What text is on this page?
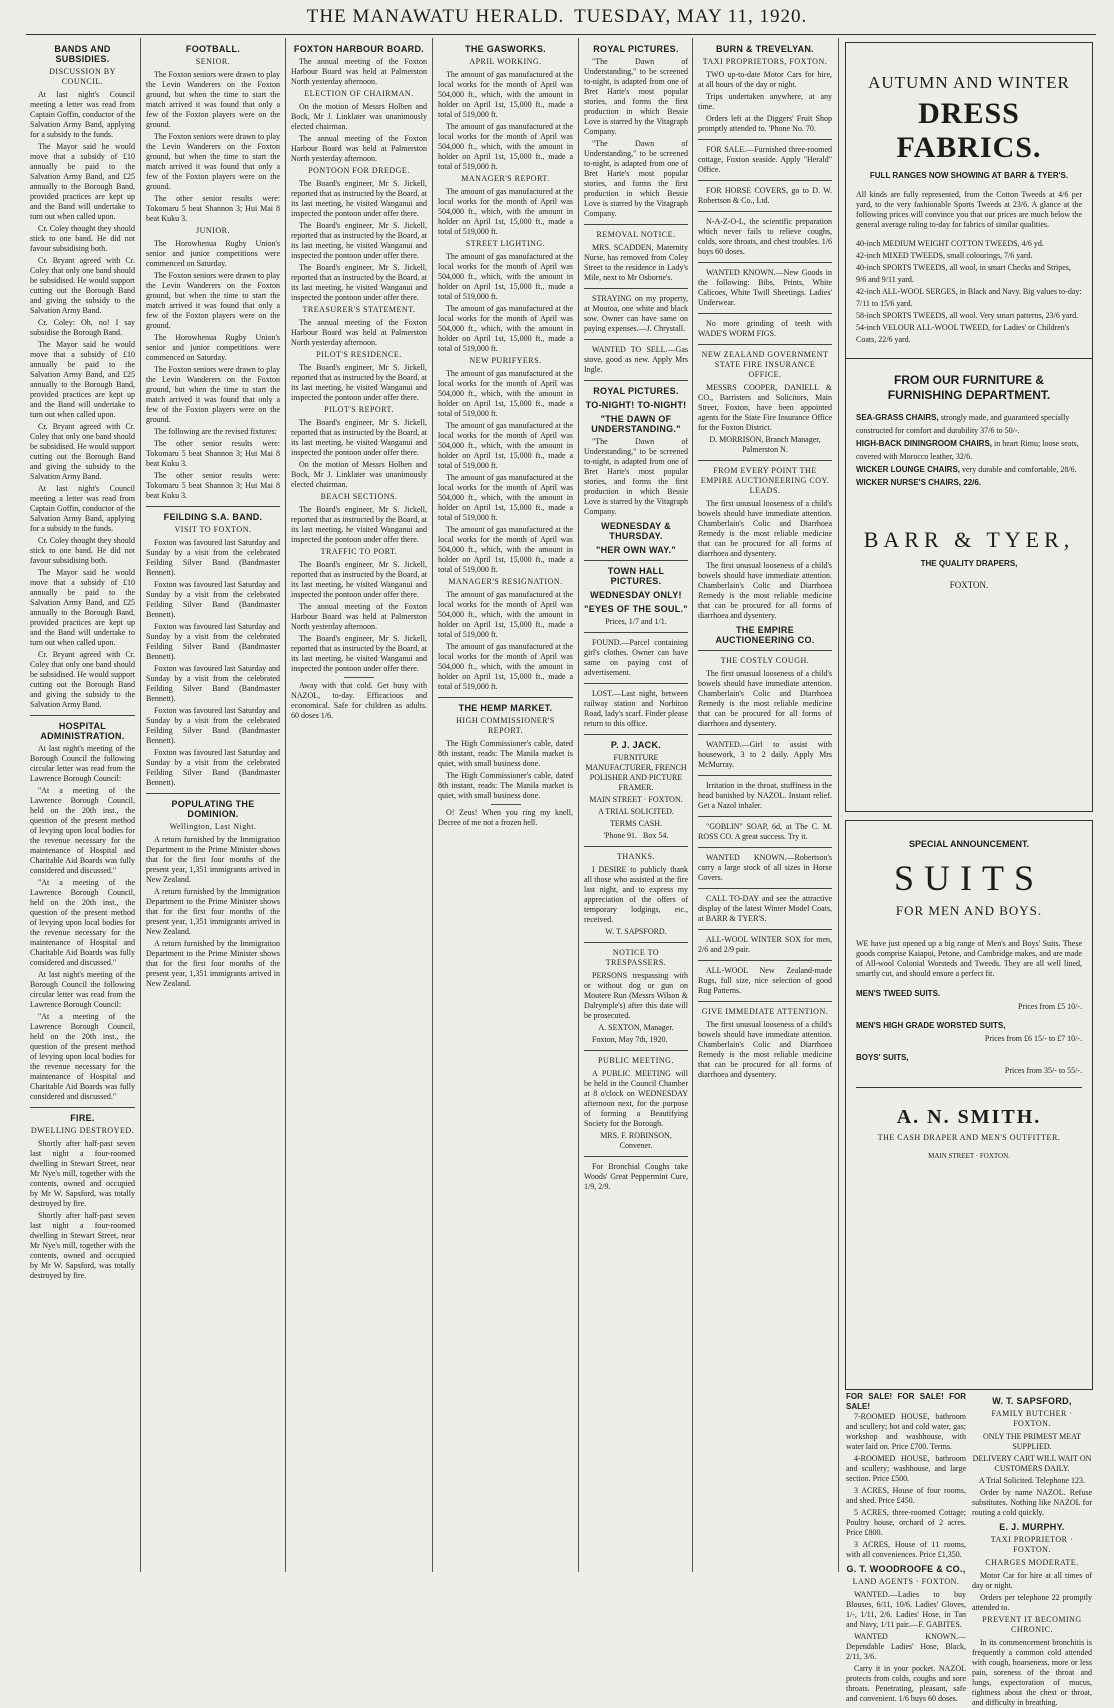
THE MANAWATU HERALD. TUESDAY, MAY 11, 1920.
BANDS AND SUBSIDIES.
DISCUSSION BY COUNCIL.

At last night's Council meeting a letter was read from Captain Goffin, conductor of the Salvation Army Band, applying for a subsidy to the funds.

The Mayor said he would move that a subsidy of £10 annually be paid to the Salvation Army Band, and £25 annually to the Borough Band, provided practices are kept up and the Band will undertake to turn out when called upon.

Cr. Coley thought they should stick to one band. He did not favour subsidising both.

Cr. Bryant agreed with Cr. Coley that only one band should be subsidised. He would support cutting out the Borough Band and giving the subsidy to the Salvation Army Band.

Cr. Coley: Oh, no! I say subsidise the Borough Band.

The Mayor said he would move that a subsidy of £10 annually be paid to the Salvation Army Band, and £25 annually to the Borough Band, provided practices are kept up and the Band will undertake to turn out when called upon.

Cr. Bryant agreed with Cr. Coley that only one band should be subsidised. He would support cutting out the Borough Band and giving the subsidy to the Salvation Army Band.

At last night's Council meeting a letter was read from Captain Goffin, conductor of the Salvation Army Band, applying for a subsidy to the funds.

Cr. Coley thought they should stick to one band. He did not favour subsidising both.

The Mayor said he would move that a subsidy of £10 annually be paid to the Salvation Army Band, and £25 annually to the Borough Band, provided practices are kept up and the Band will undertake to turn out when called upon.

Cr. Bryant agreed with Cr. Coley that only one band should be subsidised. He would support cutting out the Borough Band and giving the subsidy to the Salvation Army Band.

HOSPITAL ADMINISTRATION.

At last night's meeting of the Borough Council the following circular letter was read from the Lawrence Borough Council:

"At a meeting of the Lawrence Borough Council, held on the 20th inst., the question of the present method of levying upon local bodies for the revenue necessary for the maintenance of Hospital and Charitable Aid Boards was fully considered and discussed."

"At a meeting of the Lawrence Borough Council, held on the 20th inst., the question of the present method of levying upon local bodies for the revenue necessary for the maintenance of Hospital and Charitable Aid Boards was fully considered and discussed."

At last night's meeting of the Borough Council the following circular letter was read from the Lawrence Borough Council:

"At a meeting of the Lawrence Borough Council, held on the 20th inst., the question of the present method of levying upon local bodies for the revenue necessary for the maintenance of Hospital and Charitable Aid Boards was fully considered and discussed."

FIRE.
DWELLING DESTROYED.

Shortly after half-past seven last night a four-roomed dwelling in Stewart Street, near Mr Nye's mill, together with the contents, owned and occupied by Mr W. Sapsford, was totally destroyed by fire.

Shortly after half-past seven last night a four-roomed dwelling in Stewart Street, near Mr Nye's mill, together with the contents, owned and occupied by Mr W. Sapsford, was totally destroyed by fire.

FOOTBALL.
SENIOR.

The Foxton seniors were drawn to play the Levin Wanderers on the Foxton ground, but when the time to start the match arrived it was found that only a few of the Foxton players were on the ground.

The Foxton seniors were drawn to play the Levin Wanderers on the Foxton ground, but when the time to start the match arrived it was found that only a few of the Foxton players were on the ground.

The other senior results were: Tokomaru 5 beat Shannon 3; Hui Mai 8 beat Kuku 3.

JUNIOR.

The Horowhenua Rugby Union's senior and junior competitions were commenced on Saturday.

The Foxton seniors were drawn to play the Levin Wanderers on the Foxton ground, but when the time to start the match arrived it was found that only a few of the Foxton players were on the ground.

The Horowhenua Rugby Union's senior and junior competitions were commenced on Saturday.

The Foxton seniors were drawn to play the Levin Wanderers on the Foxton ground, but when the time to start the match arrived it was found that only a few of the Foxton players were on the ground.

The following are the revised fixtures:

The other senior results were: Tokomaru 5 beat Shannon 3; Hui Mai 8 beat Kuku 3.

The other senior results were: Tokomaru 5 beat Shannon 3; Hui Mai 8 beat Kuku 3.

FEILDING S.A. BAND.
VISIT TO FOXTON.

Foxton was favoured last Saturday and Sunday by a visit from the celebrated Feilding Silver Band (Bandmaster Bennett).

Foxton was favoured last Saturday and Sunday by a visit from the celebrated Feilding Silver Band (Bandmaster Bennett).

Foxton was favoured last Saturday and Sunday by a visit from the celebrated Feilding Silver Band (Bandmaster Bennett).

Foxton was favoured last Saturday and Sunday by a visit from the celebrated Feilding Silver Band (Bandmaster Bennett).

Foxton was favoured last Saturday and Sunday by a visit from the celebrated Feilding Silver Band (Bandmaster Bennett).

Foxton was favoured last Saturday and Sunday by a visit from the celebrated Feilding Silver Band (Bandmaster Bennett).

POPULATING THE DOMINION.
Wellington, Last Night.

A return furnished by the Immigration Department to the Prime Minister shows that for the first four months of the present year, 1,351 immigrants arrived in New Zealand.

A return furnished by the Immigration Department to the Prime Minister shows that for the first four months of the present year, 1,351 immigrants arrived in New Zealand.

A return furnished by the Immigration Department to the Prime Minister shows that for the first four months of the present year, 1,351 immigrants arrived in New Zealand.

FOXTON HARBOUR BOARD.

The annual meeting of the Foxton Harbour Board was held at Palmerston North yesterday afternoon.

ELECTION OF CHAIRMAN.

On the motion of Messrs Holben and Bock, Mr J. Linklater was unanimously elected chairman.

The annual meeting of the Foxton Harbour Board was held at Palmerston North yesterday afternoon.

PONTOON FOR DREDGE.

The Board's engineer, Mr S. Jickell, reported that as instructed by the Board, at its last meeting, he visited Wanganui and inspected the pontoon under offer there.

The Board's engineer, Mr S. Jickell, reported that as instructed by the Board, at its last meeting, he visited Wanganui and inspected the pontoon under offer there.

The Board's engineer, Mr S. Jickell, reported that as instructed by the Board, at its last meeting, he visited Wanganui and inspected the pontoon under offer there.

TREASURER'S STATEMENT.

The annual meeting of the Foxton Harbour Board was held at Palmerston North yesterday afternoon.

PILOT'S RESIDENCE.

The Board's engineer, Mr S. Jickell, reported that as instructed by the Board, at its last meeting, he visited Wanganui and inspected the pontoon under offer there.

PILOT'S REPORT.

The Board's engineer, Mr S. Jickell, reported that as instructed by the Board, at its last meeting, he visited Wanganui and inspected the pontoon under offer there.

On the motion of Messrs Holben and Bock, Mr J. Linklater was unanimously elected chairman.

BEACH SECTIONS.

The Board's engineer, Mr S. Jickell, reported that as instructed by the Board, at its last meeting, he visited Wanganui and inspected the pontoon under offer there.

TRAFFIC TO PORT.

The Board's engineer, Mr S. Jickell, reported that as instructed by the Board, at its last meeting, he visited Wanganui and inspected the pontoon under offer there.

The annual meeting of the Foxton Harbour Board was held at Palmerston North yesterday afternoon.

The Board's engineer, Mr S. Jickell, reported that as instructed by the Board, at its last meeting, he visited Wanganui and inspected the pontoon under offer there.

Away with that cold. Get busy with NAZOL, to-day. Efficacious and economical. Safe for children as adults. 60 doses 1/6.

THE GASWORKS.
APRIL WORKING.

The amount of gas manufactured at the local works for the month of April was 504,000 ft., which, with the amount in holder on April 1st, 15,000 ft., made a total of 519,000 ft.

The amount of gas manufactured at the local works for the month of April was 504,000 ft., which, with the amount in holder on April 1st, 15,000 ft., made a total of 519,000 ft.

MANAGER'S REPORT.

The amount of gas manufactured at the local works for the month of April was 504,000 ft., which, with the amount in holder on April 1st, 15,000 ft., made a total of 519,000 ft.

STREET LIGHTING.

The amount of gas manufactured at the local works for the month of April was 504,000 ft., which, with the amount in holder on April 1st, 15,000 ft., made a total of 519,000 ft.

The amount of gas manufactured at the local works for the month of April was 504,000 ft., which, with the amount in holder on April 1st, 15,000 ft., made a total of 519,000 ft.

NEW PURIFYERS.

The amount of gas manufactured at the local works for the month of April was 504,000 ft., which, with the amount in holder on April 1st, 15,000 ft., made a total of 519,000 ft.

The amount of gas manufactured at the local works for the month of April was 504,000 ft., which, with the amount in holder on April 1st, 15,000 ft., made a total of 519,000 ft.

The amount of gas manufactured at the local works for the month of April was 504,000 ft., which, with the amount in holder on April 1st, 15,000 ft., made a total of 519,000 ft.

The amount of gas manufactured at the local works for the month of April was 504,000 ft., which, with the amount in holder on April 1st, 15,000 ft., made a total of 519,000 ft.

MANAGER'S RESIGNATION.

The amount of gas manufactured at the local works for the month of April was 504,000 ft., which, with the amount in holder on April 1st, 15,000 ft., made a total of 519,000 ft.

The amount of gas manufactured at the local works for the month of April was 504,000 ft., which, with the amount in holder on April 1st, 15,000 ft., made a total of 519,000 ft.

THE HEMP MARKET.
HIGH COMMISSIONER'S REPORT.

The High Commissioner's cable, dated 8th instant, reads: The Manila market is quiet, with small business done.

The High Commissioner's cable, dated 8th instant, reads: The Manila market is quiet, with small business done.

O! Zeus! When you ring my knell, Decree of me not a frozen hell.

ROYAL PICTURES.

"The Dawn of Understanding," to be screened to-night, is adapted from one of Bret Harte's most popular stories, and forms the first production in which Bessie Love is starred by the Vitagraph Company.

"The Dawn of Understanding," to be screened to-night, is adapted from one of Bret Harte's most popular stories, and forms the first production in which Bessie Love is starred by the Vitagraph Company.

REMOVAL NOTICE.

MRS. SCADDEN, Maternity Nurse, has removed from Coley Street to the residence in Lady's Mile, next to Mr Osborne's.

STRAYING on my property, at Moutoa, one white and black sow. Owner can have same on paying expenses.—J. Chrystall.

WANTED TO SELL.—Gas stove, good as new. Apply Mrs Ingle.

ROYAL PICTURES.
TO-NIGHT! TO-NIGHT!
"THE DAWN OF UNDERSTANDING."

"The Dawn of Understanding," to be screened to-night, is adapted from one of Bret Harte's most popular stories, and forms the first production in which Bessie Love is starred by the Vitagraph Company.

WEDNESDAY & THURSDAY.
"HER OWN WAY."
TOWN HALL PICTURES.
WEDNESDAY ONLY!
"EYES OF THE SOUL."

Prices, 1/7 and 1/1.

FOUND.—Parcel containing girl's clothes. Owner can have same on paying cost of advertisement.

LOST.—Last night, between railway station and Norbiton Road, lady's scarf. Finder please return to this office.

P. J. JACK.

FURNITURE MANUFACTURER, FRENCH POLISHER AND PICTURE FRAMER.

MAIN STREET · FOXTON.

A TRIAL SOLICITED.

TERMS CASH.

'Phone 91. Box 54.

THANKS.

I DESIRE to publicly thank all those who assisted at the fire last night, and to express my appreciation of the offers of temporary lodgings, etc., received.

W. T. SAPSFORD.

NOTICE TO TRESPASSERS.

PERSONS trespassing with or without dog or gun on Moutere Run (Messrs Wilson & Dalrymple's) after this date will be prosecuted.

A. SEXTON, Manager.

Foxton, May 7th, 1920.

PUBLIC MEETING.

A PUBLIC MEETING will be held in the Council Chamber at 8 o'clock on WEDNESDAY afternoon next, for the purpose of forming a Beautifying Society for the Borough.

MRS. F. ROBINSON, Convener.

For Bronchial Coughs take Woods' Great Peppermint Cure, 1/9, 2/9.

BURN & TREVELYAN.
TAXI PROPRIETORS, FOXTON.

TWO up-to-date Motor Cars for hire, at all hours of the day or night.

Trips undertaken anywhere, at any time.

Orders left at the Diggers' Fruit Shop promptly attended to. 'Phone No. 70.

FOR SALE.—Furnished three-roomed cottage, Foxton seaside. Apply "Herald" Office.

FOR HORSE COVERS, go to D. W. Robertson & Co., Ltd.

N-A-Z-O-L, the scientific preparation which never fails to relieve coughs, colds, sore throats, and chest troubles. 1/6 buys 60 doses.

WANTED KNOWN.—New Goods in the following: Bibs, Prints, White Calicoes, White Twill Sheetings. Ladies' Underwear.

No more grinding of teeth with WADE'S WORM FIGS.

NEW ZEALAND GOVERNMENT STATE FIRE INSURANCE OFFICE.

MESSRS COOPER, DANIELL & CO., Barristers and Solicitors, Main Street, Foxton, have been appointed agents for the State Fire Insurance Office for the Foxton District.

D. MORRISON, Branch Manager, Palmerston N.

FROM EVERY POINT THE EMPIRE AUCTIONEERING COY. LEADS.

The first unusual looseness of a child's bowels should have immediate attention. Chamberlain's Colic and Diarrhoea Remedy is the most reliable medicine that can be procured for all forms of diarrhoea and dysentery.

The first unusual looseness of a child's bowels should have immediate attention. Chamberlain's Colic and Diarrhoea Remedy is the most reliable medicine that can be procured for all forms of diarrhoea and dysentery.

THE EMPIRE AUCTIONEERING CO.
THE COSTLY COUGH.

The first unusual looseness of a child's bowels should have immediate attention. Chamberlain's Colic and Diarrhoea Remedy is the most reliable medicine that can be procured for all forms of diarrhoea and dysentery.

WANTED.—Girl to assist with housework, 3 to 2 daily. Apply Mrs McMurray.

Irritation in the throat, stuffiness in the head banished by NAZOL. Instant relief. Get a Nazol inhaler.

"GOBLIN" SOAP, 6d, at The C. M. ROSS CO. A great success. Try it.

WANTED KNOWN.—Robertson's carry a large stock of all sizes in Horse Covers.

CALL TO-DAY and see the attractive display of the latest Winter Model Coats, at BARR & TYER'S.

ALL-WOOL WINTER SOX for men, 2/6 and 2/9 pair.

ALL-WOOL New Zealand-made Rugs, full size, nice selection of good Rug Patterns.

GIVE IMMEDIATE ATTENTION.

The first unusual looseness of a child's bowels should have immediate attention. Chamberlain's Colic and Diarrhoea Remedy is the most reliable medicine that can be procured for all forms of diarrhoea and dysentery.

AUTUMN AND WINTER
DRESS FABRICS.
FULL RANGES NOW SHOWING AT BARR & TYER'S.
All kinds are fully represented, from the Cotton Tweeds at 4/6 per yard, to the very fashionable Sports Tweeds at 23/6. A glance at the following prices will convince you that our prices are much below the general average ruling to-day for fabrics of similar qualities.
40-inch MEDIUM WEIGHT COTTON TWEEDS, 4/6 yd.
42-inch MIXED TWEEDS, small colourings, 7/6 yard.
40-inch SPORTS TWEEDS, all wool, in smart Checks and Stripes, 9/6 and 9/11 yard.
42-inch ALL-WOOL SERGES, in Black and Navy. Big values to-day: 7/11 to 15/6 yard.
58-inch SPORTS TWEEDS, all wool. Very smart patterns, 23/6 yard.
54-inch VELOUR ALL-WOOL TWEED, for Ladies' or Children's Coats, 22/6 yard.
FROM OUR FURNITURE & FURNISHING DEPARTMENT.
SEA-GRASS CHAIRS, strongly made, and guaranteed specially constructed for comfort and durability 37/6 to 50/-.
HIGH-BACK DININGROOM CHAIRS, in heart Rimu; loose seats, covered with Morocco leather, 32/6.
WICKER LOUNGE CHAIRS, very durable and comfortable, 28/6.
WICKER NURSE'S CHAIRS, 22/6.
BARR & TYER,
THE QUALITY DRAPERS,
FOXTON.
SPECIAL ANNOUNCEMENT.
SUITS
FOR MEN AND BOYS.
WE have just opened up a big range of Men's and Boys' Suits. These goods comprise Kaiapoi, Petone, and Cambridge makes, and are made of All-wool Colonial Worsteds and Tweeds. They are all well lined, smartly cut, and should ensure a perfect fit.
MEN'S TWEED SUITS.
Prices from £5 10/-.
MEN'S HIGH GRADE WORSTED SUITS,
Prices from £6 15/- to £7 10/-.
BOYS' SUITS,
Prices from 35/- to 55/-.
A. N. SMITH.
THE CASH DRAPER AND MEN'S OUTFITTER.
MAIN STREET · FOXTON.
FOR SALE! FOR SALE! FOR SALE!

7-ROOMED HOUSE, bathroom and scullery; hot and cold water, gas; workshop and washhouse, with water laid on. Price £700. Terms.

4-ROOMED HOUSE, bathroom and scullery; washhouse, and large section. Price £500.

3 ACRES, House of four rooms, and shed. Price £450.

5 ACRES, three-roomed Cottage; Poultry house, orchard of 2 acres. Price £800.

3 ACRES, House of 11 rooms, with all conveniences. Price £1,350.

G. T. WOODROOFE & CO.,
LAND AGENTS · FOXTON.

WANTED.—Ladies to buy Blouses, 6/11, 10/6. Ladies' Gloves, 1/-, 1/11, 2/6. Ladies' Hose, in Tan and Navy, 1/11 pair.—F. GABITES.

WANTED KNOWN.—Dependable Ladies' Hose, Black, 2/11, 3/6.

Carry it in your pocket. NAZOL protects from colds, coughs and sore throats. Penetrating, pleasant, safe and convenient. 1/6 buys 60 doses.

W. T. SAPSFORD,
FAMILY BUTCHER · FOXTON.

ONLY THE PRIMEST MEAT SUPPLIED.

DELIVERY CART WILL WAIT ON CUSTOMERS DAILY.

A Trial Solicited. Telephone 123.

Order by name NAZOL. Refuse substitutes. Nothing like NAZOL for routing a cold quickly.

E. J. MURPHY.
TAXI PROPRIETOR · FOXTON.
CHARGES MODERATE.

Motor Car for hire at all times of day or night.

Orders per telephone 22 promptly attended to.

PREVENT IT BECOMING CHRONIC.

In its commencement bronchitis is frequently a common cold attended with cough, hoarseness, more or less pain, soreness of the throat and lungs, expectoration of mucus, tightness about the chest or throat, and difficulty in breathing.
